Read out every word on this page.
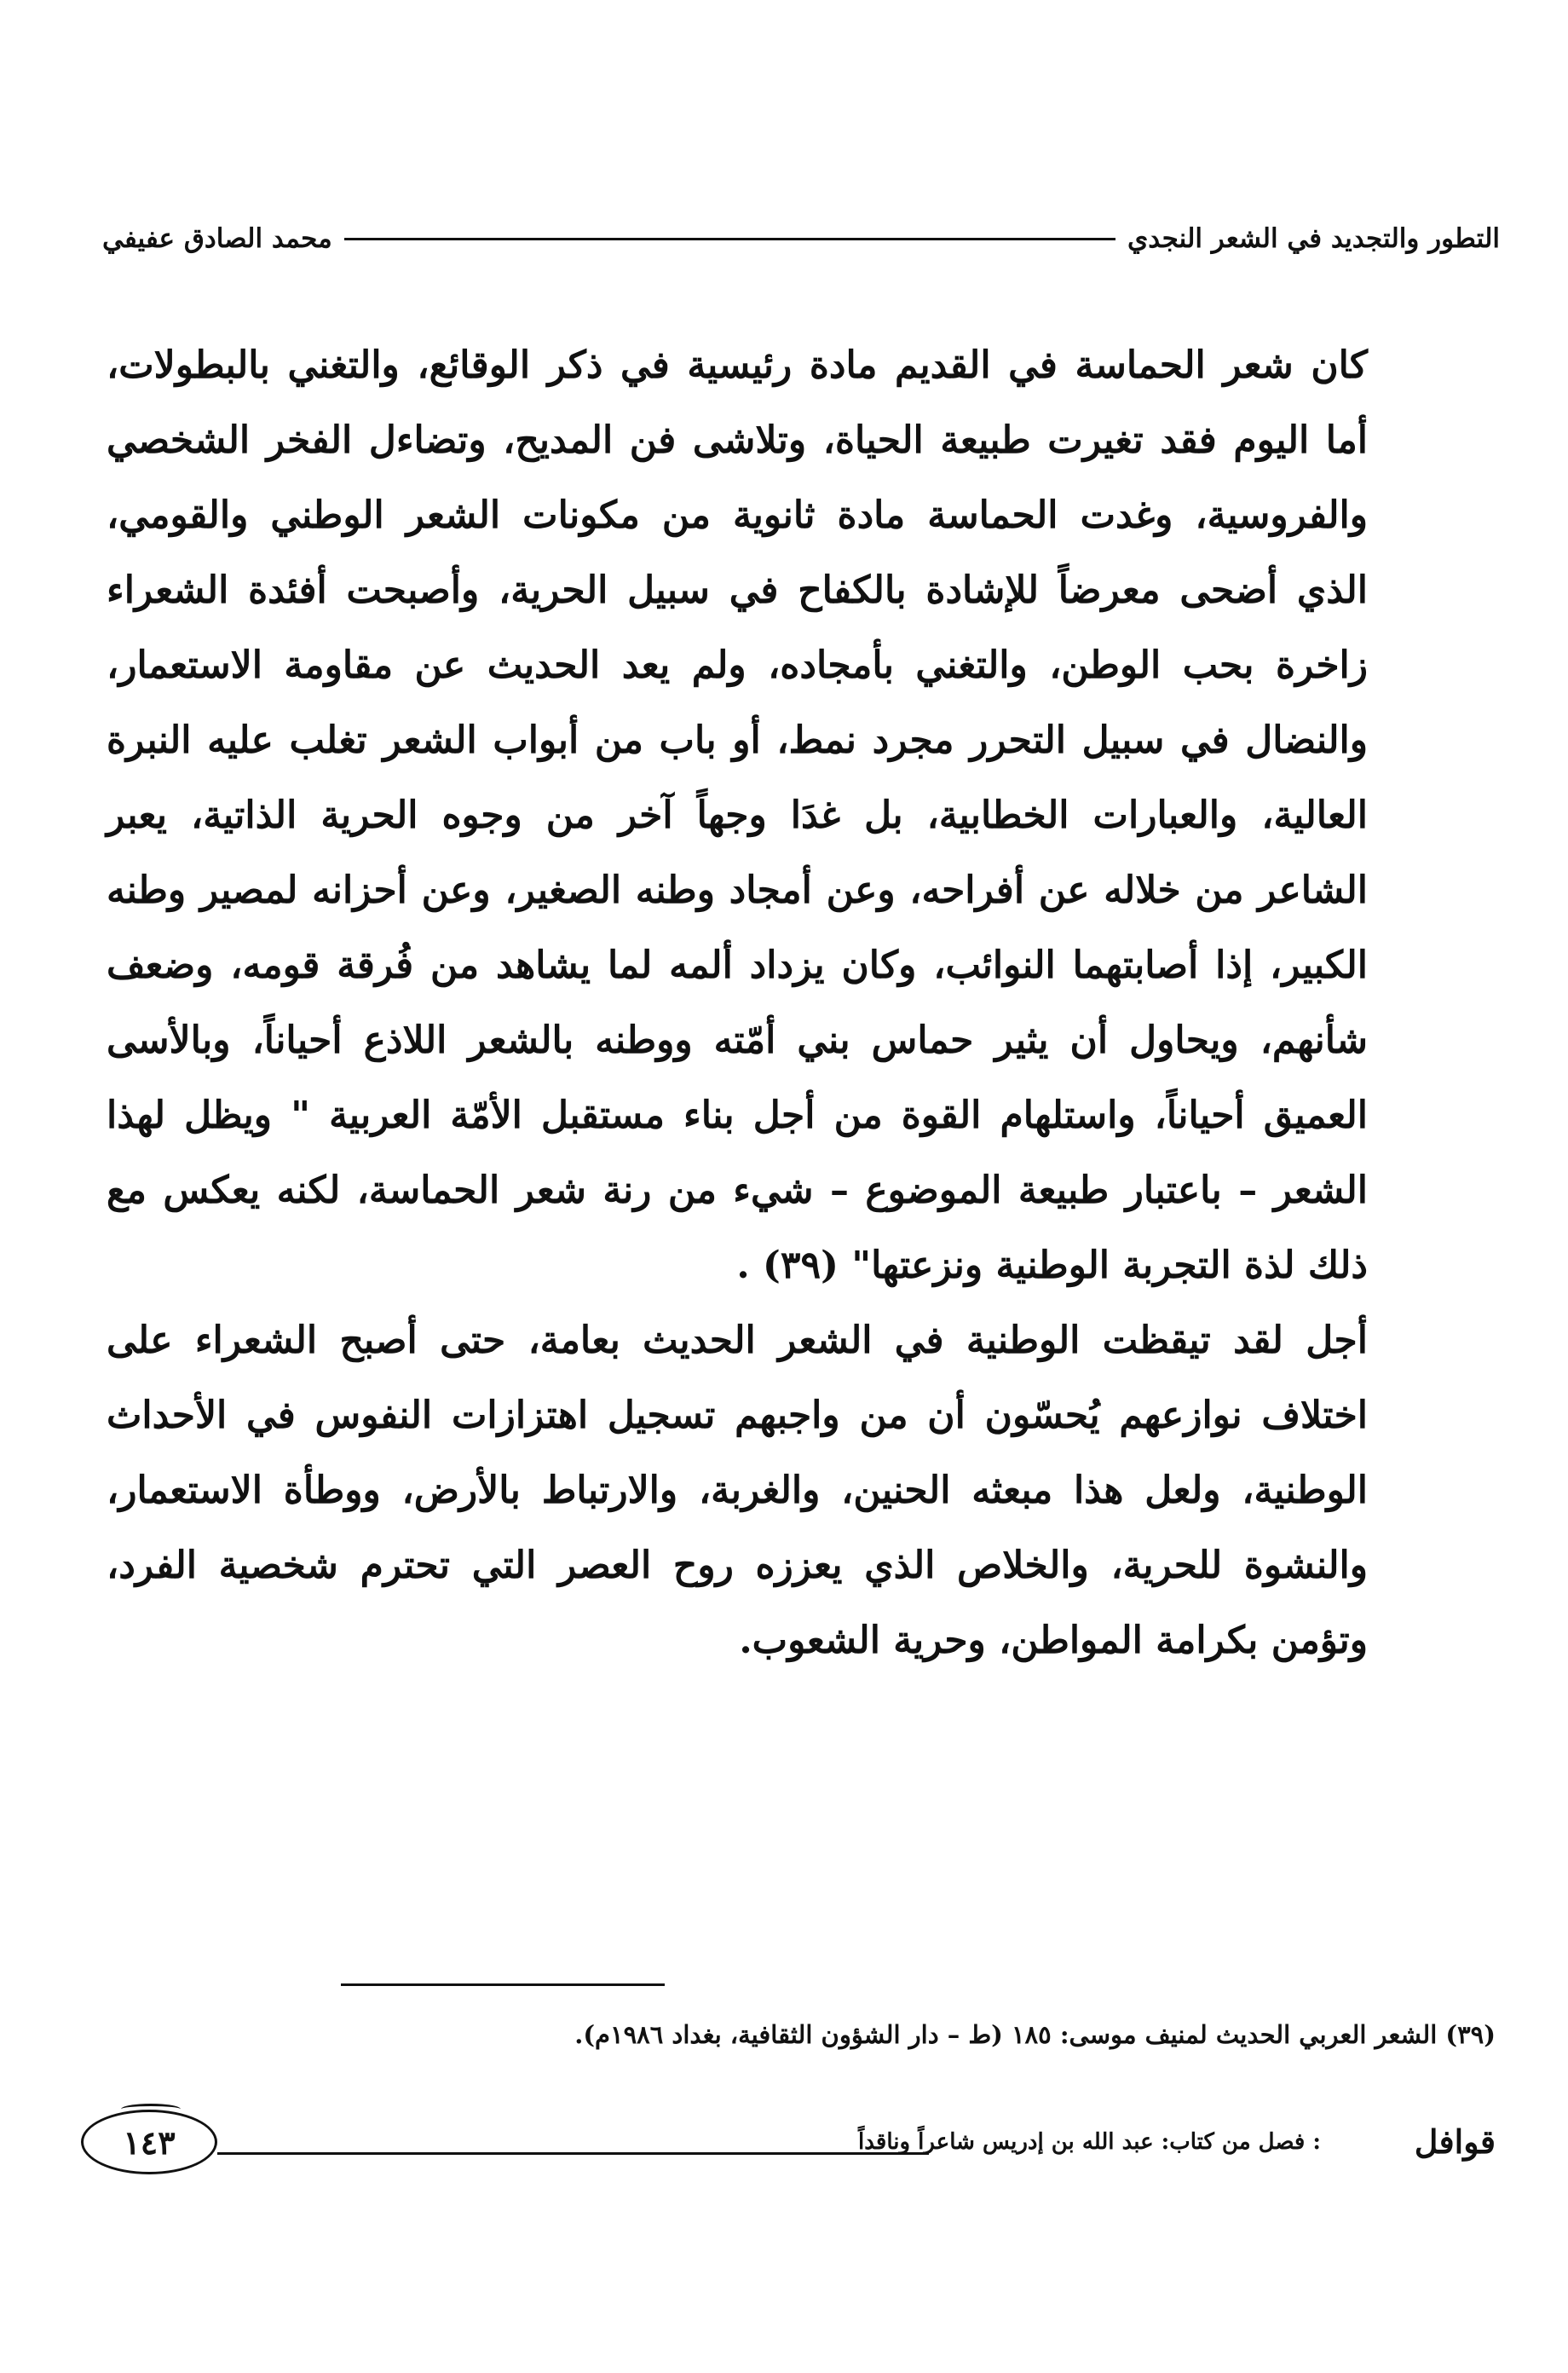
التطور والتجديد في الشعر النجدي
محمد الصادق عفيفي

كان شعر الحماسة في القديم مادة رئيسية في ذكر الوقائع، والتغني بالبطولات، أما اليوم فقد تغيرت طبيعة الحياة، وتلاشى فن المديح، وتضاءل الفخر الشخصي والفروسية، وغدت الحماسة مادة ثانوية من مكونات الشعر الوطني والقومي، الذي أضحى معرضاً للإشادة بالكفاح في سبيل الحرية، وأصبحت أفئدة الشعراء زاخرة بحب الوطن، والتغني بأمجاده، ولم يعد الحديث عن مقاومة الاستعمار، والنضال في سبيل التحرر مجرد نمط، أو باب من أبواب الشعر تغلب عليه النبرة العالية، والعبارات الخطابية، بل غدَا وجهاً آخر من وجوه الحرية الذاتية، يعبر الشاعر من خلاله عن أفراحه، وعن أمجاد وطنه الصغير، وعن أحزانه لمصير وطنه الكبير، إذا أصابتهما النوائب، وكان يزداد ألمه لما يشاهد من فُرقة قومه، وضعف شأنهم، ويحاول أن يثير حماس بني أمّته ووطنه بالشعر اللاذع أحياناً، وبالأسى العميق أحياناً، واستلهام القوة من أجل بناء مستقبل الأمّة العربية " ويظل لهذا الشعر – باعتبار طبيعة الموضوع – شيء من رنة شعر الحماسة، لكنه يعكس مع ذلك لذة التجربة الوطنية ونزعتها" (٣٩) .

أجل لقد تيقظت الوطنية في الشعر الحديث بعامة، حتى أصبح الشعراء على اختلاف نوازعهم يُحسّون أن من واجبهم تسجيل اهتزازات النفوس في الأحداث الوطنية، ولعل هذا مبعثه الحنين، والغربة، والارتباط بالأرض، ووطأة الاستعمار، والنشوة للحرية، والخلاص الذي يعززه روح العصر التي تحترم شخصية الفرد، وتؤمن بكرامة المواطن، وحرية الشعوب.

(٣٩) الشعر العربي الحديث لمنيف موسى: ١٨٥ (ط – دار الشؤون الثقافية، بغداد ١٩٨٦م).
قوافل
: فصل من كتاب: عبد الله بن إدريس شاعراً وناقداً
١٤٣
